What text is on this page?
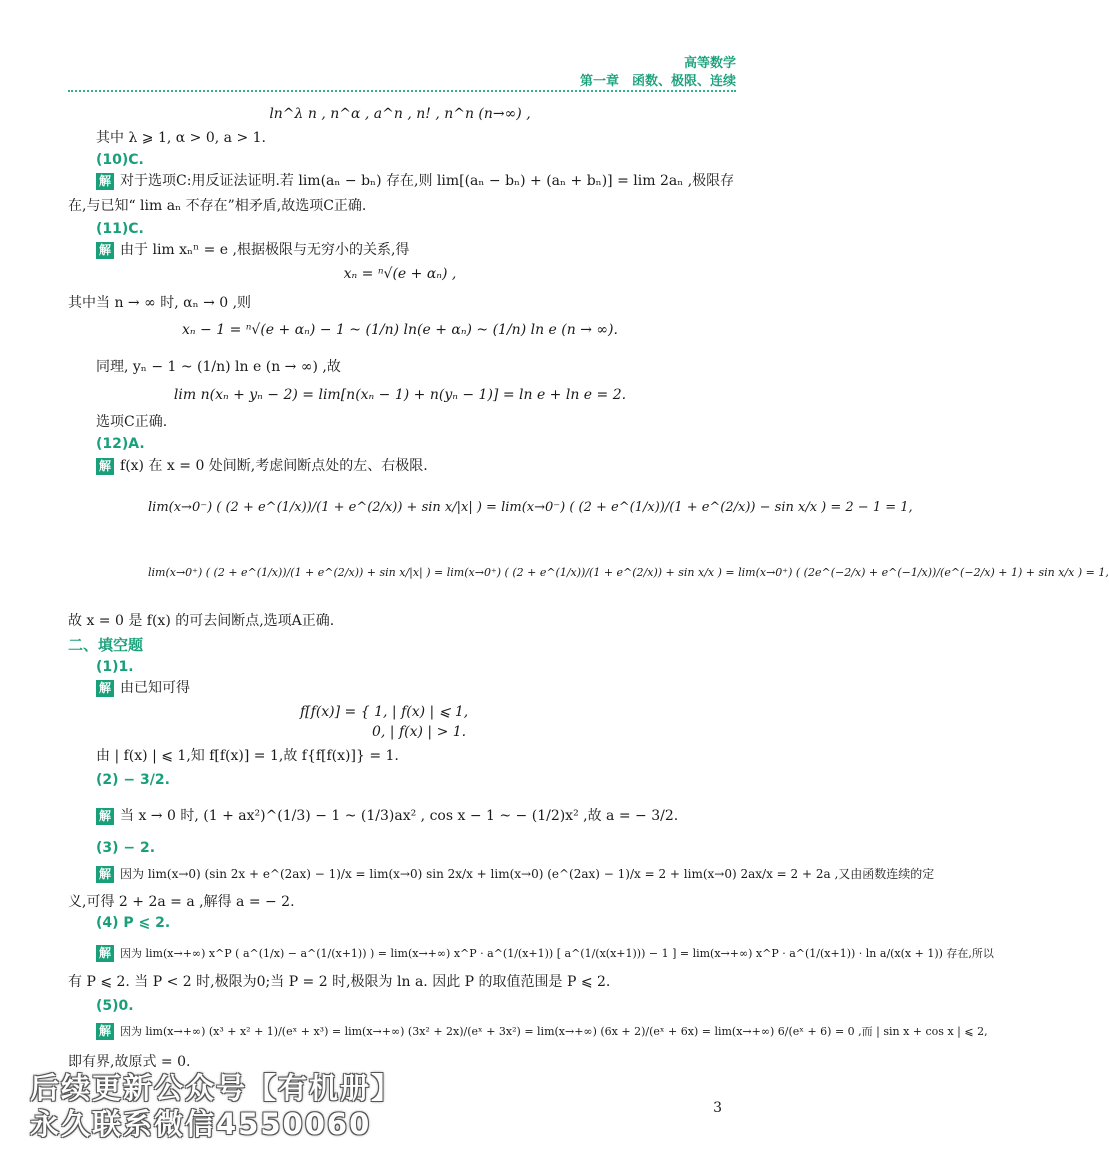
高等数学
第一章　函数、极限、连续
ln^λ n , n^α , a^n , n! , n^n (n→∞) ,
其中 λ ⩾ 1, α > 0, a > 1.
(10)C.
解 对于选项C:用反证法证明.若 lim(aₙ − bₙ) 存在,则 lim[(aₙ − bₙ) + (aₙ + bₙ)] = lim 2aₙ ,极限存
在,与已知“ lim aₙ 不存在”相矛盾,故选项C正确.
(11)C.
解 由于 lim xₙⁿ = e ,根据极限与无穷小的关系,得
xₙ = ⁿ√(e + αₙ) ,
其中当 n → ∞ 时, αₙ → 0 ,则
xₙ − 1 = ⁿ√(e + αₙ) − 1 ~ (1/n) ln(e + αₙ) ~ (1/n) ln e (n → ∞).
同理, yₙ − 1 ~ (1/n) ln e (n → ∞) ,故
lim n(xₙ + yₙ − 2) = lim[n(xₙ − 1) + n(yₙ − 1)] = ln e + ln e = 2.
选项C正确.
(12)A.
解 f(x) 在 x = 0 处间断,考虑间断点处的左、右极限.
lim(x→0⁻) ( (2 + e^(1/x))/(1 + e^(2/x)) + sin x/|x| ) = lim(x→0⁻) ( (2 + e^(1/x))/(1 + e^(2/x)) − sin x/x ) = 2 − 1 = 1,
lim(x→0⁺) ( (2 + e^(1/x))/(1 + e^(2/x)) + sin x/|x| ) = lim(x→0⁺) ( (2 + e^(1/x))/(1 + e^(2/x)) + sin x/x ) = lim(x→0⁺) ( (2e^(−2/x) + e^(−1/x))/(e^(−2/x) + 1) + sin x/x ) = 1,
故 x = 0 是 f(x) 的可去间断点,选项A正确.
二、填空题
(1)1.
解 由已知可得
f[f(x)] = { 1, | f(x) | ⩽ 1,
0, | f(x) | > 1.
由 | f(x) | ⩽ 1,知 f[f(x)] = 1,故 f{f[f(x)]} = 1.
(2) − 3/2.
解 当 x → 0 时, (1 + ax²)^(1/3) − 1 ~ (1/3)ax² , cos x − 1 ~ − (1/2)x² ,故 a = − 3/2.
(3) − 2.
解 因为 lim(x→0) (sin 2x + e^(2ax) − 1)/x = lim(x→0) sin 2x/x + lim(x→0) (e^(2ax) − 1)/x = 2 + lim(x→0) 2ax/x = 2 + 2a ,又由函数连续的定
义,可得 2 + 2a = a ,解得 a = − 2.
(4) P ⩽ 2.
解 因为 lim(x→+∞) x^P ( a^(1/x) − a^(1/(x+1)) ) = lim(x→+∞) x^P · a^(1/(x+1)) [ a^(1/(x(x+1))) − 1 ] = lim(x→+∞) x^P · a^(1/(x+1)) · ln a/(x(x + 1)) 存在,所以
有 P ⩽ 2. 当 P < 2 时,极限为0;当 P = 2 时,极限为 ln a. 因此 P 的取值范围是 P ⩽ 2.
(5)0.
解 因为 lim(x→+∞) (x³ + x² + 1)/(eˣ + x³) = lim(x→+∞) (3x² + 2x)/(eˣ + 3x²) = lim(x→+∞) (6x + 2)/(eˣ + 6x) = lim(x→+∞) 6/(eˣ + 6) = 0 ,而 | sin x + cos x | ⩽ 2,
即有界,故原式 = 0.
3
后续更新公众号【有机册】
永久联系微信4550060
